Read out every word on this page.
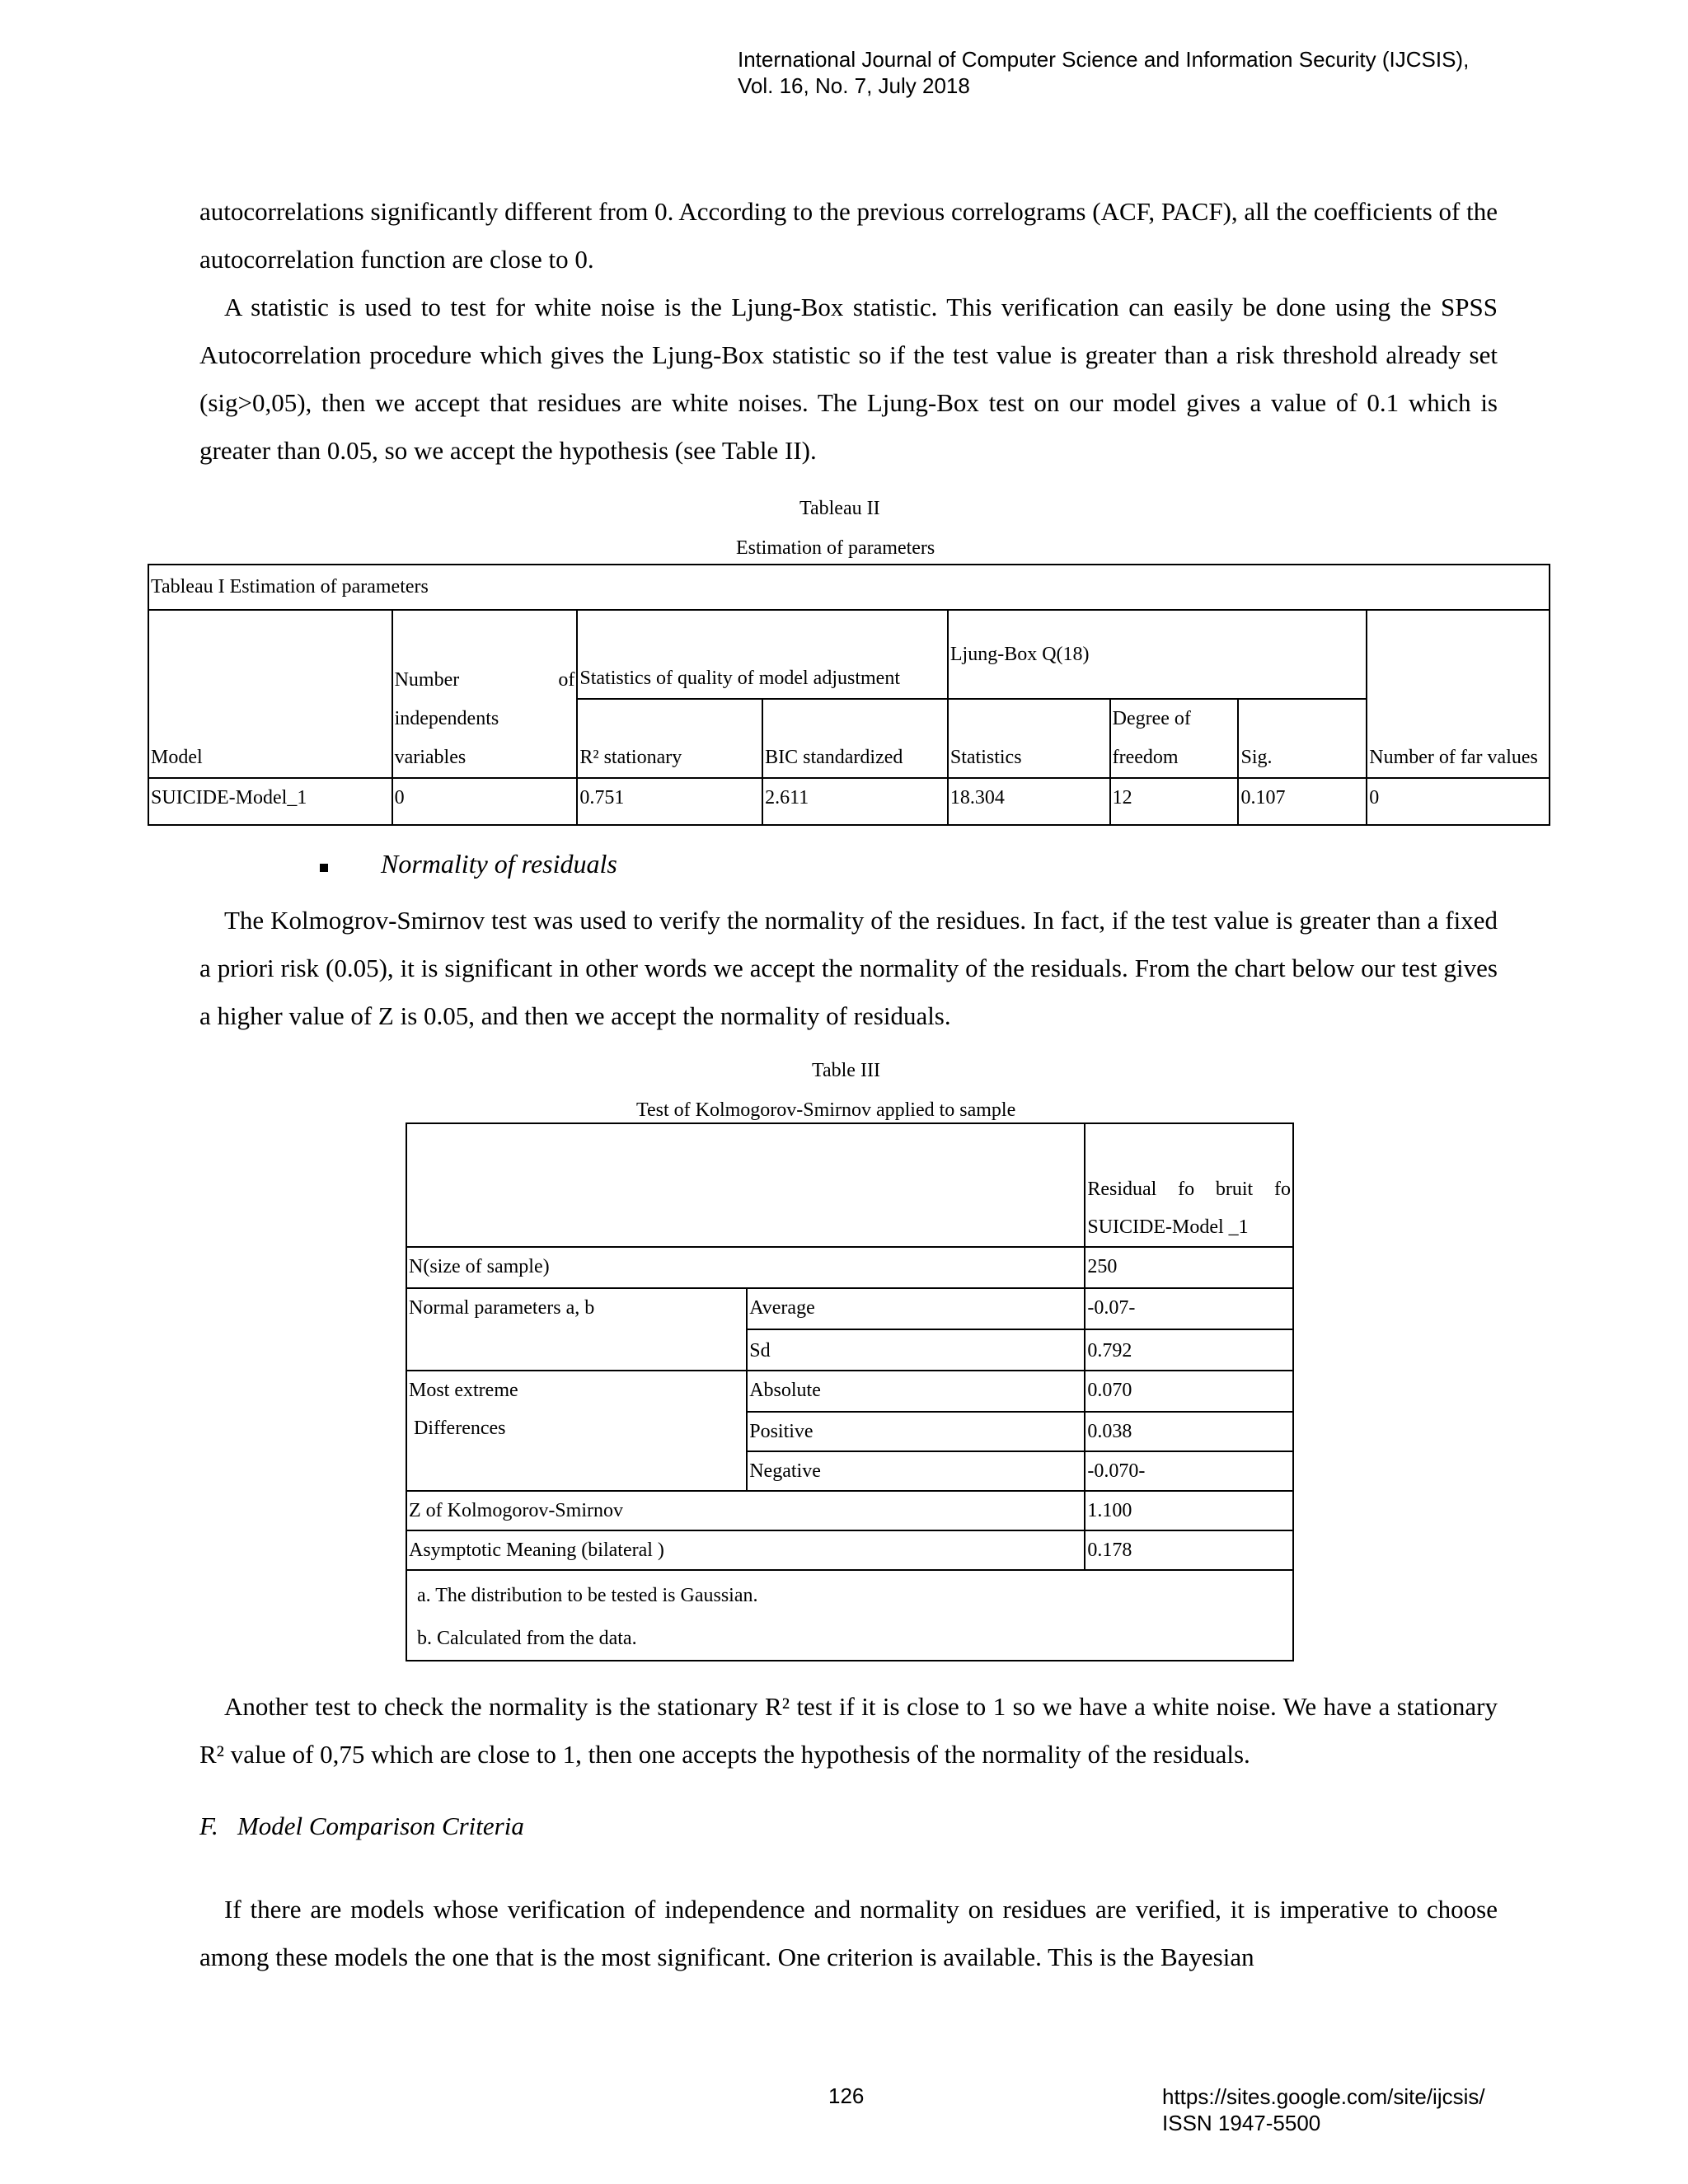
International Journal of Computer Science and Information Security (IJCSIS),
Vol. 16, No. 7, July 2018

autocorrelations significantly different from 0. According to the previous correlograms (ACF, PACF), all the coefficients of the autocorrelation function are close to 0.

A statistic is used to test for white noise is the Ljung-Box statistic. This verification can easily be done using the SPSS Autocorrelation procedure which gives the Ljung-Box statistic so if the test value is greater than a risk threshold already set (sig>0,05), then we accept that residues are white noises. The Ljung-Box test on our model gives a value of 0.1 which is greater than 0.05, so we accept the hypothesis (see Table II).

Tableau II
Estimation of parameters
Tableau I Estimation of parameters							
Model	Number of independents variables	Statistics of quality of model adjustment		Ljung-Box Q(18)			Number of far values
		R² stationary	BIC standardized	Statistics	Degree of freedom	Sig.	
SUICIDE-Model_1	0	0.751	2.611	18.304	12	0.107	0
Normality of residuals

The Kolmogrov-Smirnov test was used to verify the normality of the residues. In fact, if the test value is greater than a fixed a priori risk (0.05), it is significant in other words we accept the normality of the residuals. From the chart below our test gives a higher value of Z is 0.05, and then we accept the normality of residuals.

Table III
Test of Kolmogorov-Smirnov applied to sample
		Residual fo bruit fo SUICIDE-Model _1
N(size of sample)		250
Normal parameters a, b	Average	-0.07-
	Sd	0.792

Most extreme
Differences	Absolute	0.070
	Positive	0.038
	Negative	-0.070-
Z of Kolmogorov-Smirnov		1.100
Asymptotic Meaning (bilateral )		0.178

a. The distribution to be tested is Gaussian.
b. Calculated from the data.		

Another test to check the normality is the stationary R² test if it is close to 1 so we have a white noise. We have a stationary R² value of 0,75 which are close to 1, then one accepts the hypothesis of the normality of the residuals.

F.   Model Comparison Criteria

If there are models whose verification of independence and normality on residues are verified, it is imperative to choose among these models the one that is the most significant. One criterion is available. This is the Bayesian

126	https://sites.google.com/site/ijcsis/
ISSN 1947-5500
